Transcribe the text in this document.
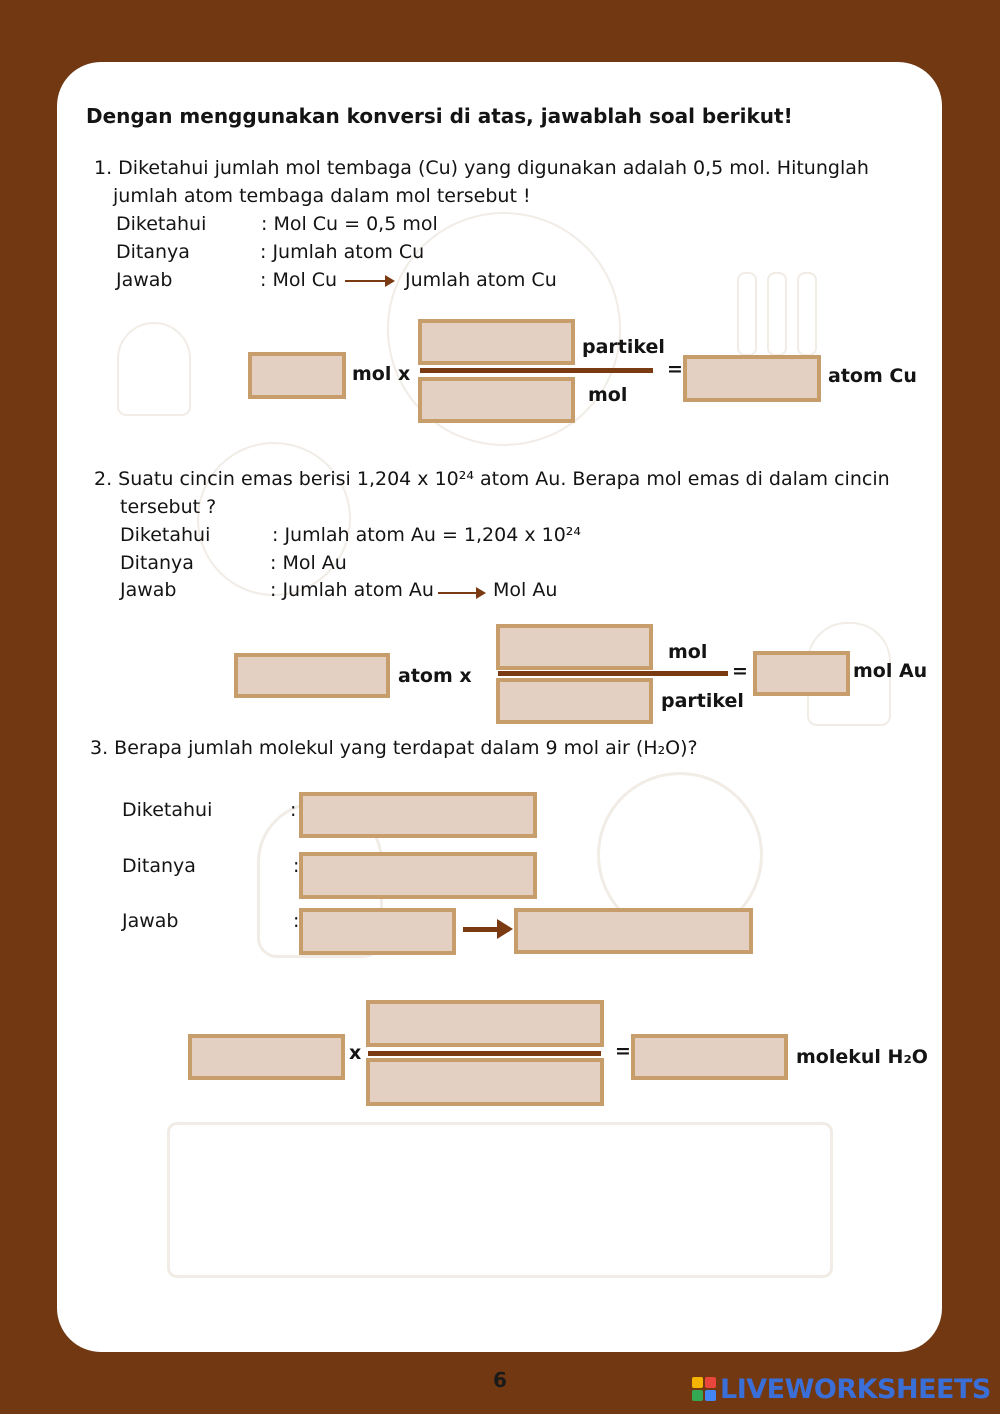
Dengan menggunakan konversi di atas, jawablah soal berikut!
1. Diketahui jumlah mol tembaga (Cu) yang digunakan adalah 0,5 mol. Hitunglah
jumlah atom tembaga dalam mol tersebut !
Diketahui	: Mol Cu = 0,5 mol
Ditanya	: Jumlah atom Cu
Jawab	: Mol Cu	Jumlah atom Cu
mol x
partikel
mol
=	atom Cu
2. Suatu cincin emas berisi 1,204 x 10²⁴ atom Au. Berapa mol emas di dalam cincin
tersebut ?
Diketahui	: Jumlah atom Au = 1,204 x 10²⁴
Ditanya	: Mol Au
Jawab	: Jumlah atom Au	Mol Au
atom x
mol
partikel
=	mol Au
3. Berapa jumlah molekul yang terdapat dalam 9 mol air (H₂O)?
Diketahui	:
Ditanya	:
Jawab	:
x	=	molekul H₂O
6	LIVEWORKSHEETS
